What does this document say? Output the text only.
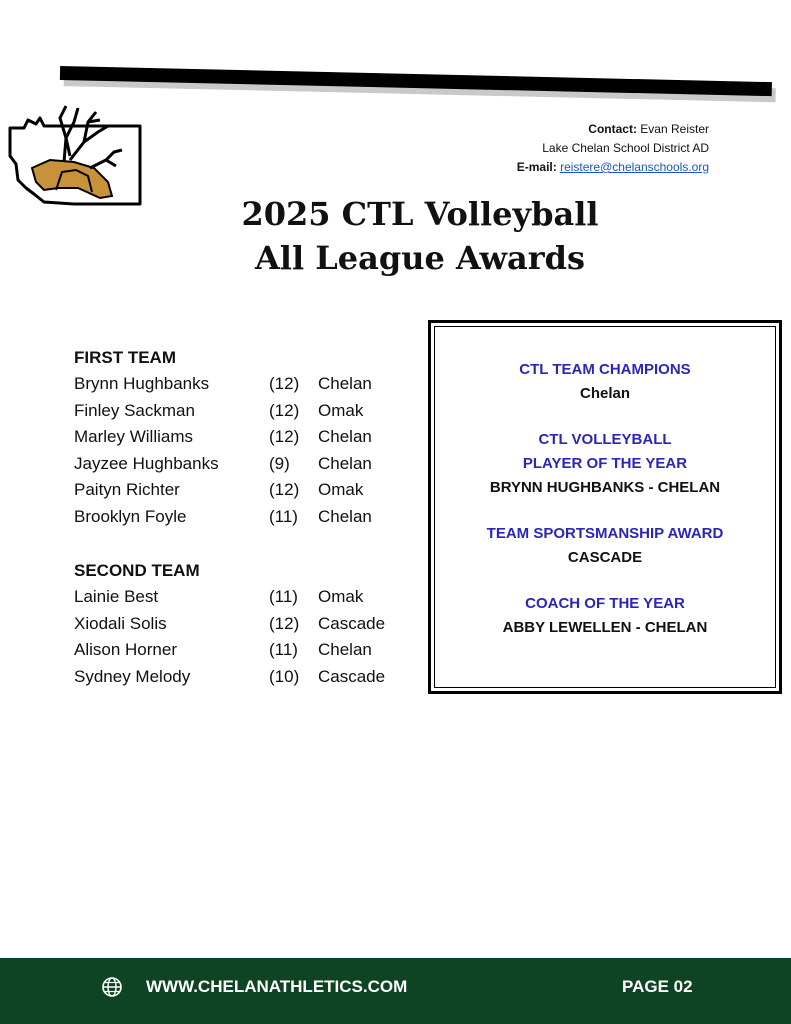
Contact: Evan Reister
Lake Chelan School District AD
E-mail: reistere@chelanschools.org
2025 CTL Volleyball
All League Awards
FIRST TEAM
Brynn Hughbanks	(12) Chelan
Finley Sackman	(12) Omak
Marley Williams	(12) Chelan
Jayzee Hughbanks	(9) Chelan
Paityn Richter	(12) Omak
Brooklyn Foyle	(11) Chelan
SECOND TEAM
Lainie Best	(11) Omak
Xiodali Solis	(12) Cascade
Alison Horner	(11) Chelan
Sydney Melody	(10) Cascade
CTL TEAM CHAMPIONS
Chelan
CTL VOLLEYBALL
PLAYER OF THE YEAR
BRYNN HUGHBANKS - CHELAN
TEAM SPORTSMANSHIP AWARD
CASCADE
COACH OF THE YEAR
ABBY LEWELLEN - CHELAN
WWW.CHELANATHLETICS.COM	PAGE 02
